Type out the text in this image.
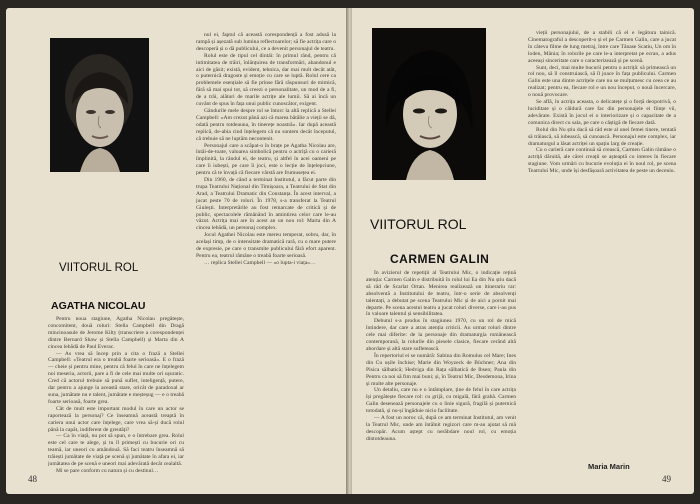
VIITORUL ROL
AGATHA NICOLAU

Pentru noua stagiune, Agatha Nicolau pregătește, concomitent, două roluri: Stella Campbell din Dragă mincinoasule de Jerome Kilty (transcriere a corespondenței dintre Bernard Shaw și Stella Campbell) și Marta din A cincea lebădă de Paul Everac.

— As vrea să încep prin a cita o frază a Stellei Campbell: «Teatrul era o treabă foarte serioasă». E o frază — cheie și pentru mine, pentru că felul în care ne înțelegem noi meseria, actorii, pare a fi de cele mai multe ori ușuratic. Cred că actorul trebuie să pună suflet, inteligență, putere, dar pentru a ajunge la această stare, oricât de paradoxal ar suna, jumătate nu e talent, jumătate e meșteșug — e o treabă foarte serioasă, foarte grea.

Cât de mult este important modul în care un actor se raportează la personaj? Ce înseamnă această treaptă în cariera unui actor care înțelege, care vrea să-și ducă rolul până la capăt, indiferent de greutăți?

— Ca în viață, nu pot să spun, e o întrebare grea. Rolul este cel care te alege, și tu îl primești cu bucurie ori cu teamă, iar uneori cu amândouă. Să faci teatru înseamnă să trăiești jumătate de viață pe scenă și jumătate în afara ei, iar jumătatea de pe scenă e uneori mai adevărată decât cealaltă.

Mi se pare conform cu natura și cu destinul…

nul ei, faptul că această corespondență a fost adusă la rampă și așezată sub lumina reflectoarelor; să fie actrița care o descoperă și o dă publicului, ce a devenit personajul de teatru.

Rolul este de tipul cel dintâi: în primul rând, pentru că intimitatea de trăiri, înlănțuirea de transformări, abandonul e aici de găsit; există, evident, tehnica, dar mai mult decât atât, o puternică dragoste și emoție cu care se luptă. Rolul cere ca problemele esențiale să fie prinse fără răspunsuri de mimică, fără să mai spui tot, să creezi o personalitate, un mod de a fi, de a trăi, alături de marile actrițe ale lumii. Să ai încă un cuvânt de spus în fața unui public cunoscător, exigent.

Gândurile mele despre rol se întorc la altă replică a Stellei Campbell: «Am crezut până azi că marea bătălie a vieții se dă, odată pentru totdeauna, în tinerețe noastră». Iar după această replică, de-abia cind înțelegem că nu suntem decât începutul, că trebuie să ne luptăm necontenit.

Personajul care a scăpat-o în brațe pe Agatha Nicolau are, întâi-de-toate, valoarea simbolică pentru o actriță cu o carieră împlinită, la rândul ei, de teatru, și altfel în acei oameni pe care îi iubești, pe care îi joci, este o lecție de înțelepciune, pentru că te învață că fiecare vârstă are frumusețea ei.

Din 1960, de când a terminat Institutul, a făcut parte din trupa Teatrului Național din Timișoara, a Teatrului de Stat din Arad, a Teatrului Dramatic din Constanța. În acest interval, a jucat peste 70 de roluri. În 1978, s-a transferat la Teatrul Giulești. Interpretările au fost remarcate de critică și de public, spectacolele rămânând în amintirea celor care le-au văzut. Actrița mai are în acest an un nou rol: Marta din A cincea lebădă, un personaj complex.

Jocul Agathei Nicolau este mereu temperat, sobru, dar, în același timp, de o intensitate dramatică rară, cu o mare putere de expresie, pe care o transmite publicului fără efort aparent. Pentru ea, teatrul rămâne o treabă foarte serioasă.

… replica Stellei Campbell — «o lupta-i viața»…

48
VIITORUL ROL
CARMEN GALIN

În avizierul de repetiții al Teatrului Mic, o indicație rețină atenția: Carmen Galin e distribuită în rolul lui Ea din Nu știu dacă să râd de Scarlat Ortan. Menirea realizează un itinerariu rar: absolventă a Institutului de teatru, într-o serie de absolvenți talentați, a debutat pe scena Teatrului Mic și de aici a pornit mai departe. Pe scena acestui teatru a jucat roluri diverse, care i-au pus în valoare talentul și sensibilitatea.

Debutul s-a produs în stagiunea 1970, cu un rol de mică întindere, dar care a atras atenția criticii. Au urmat roluri dintre cele mai diferite: de la personaje din dramaturgia românească contemporană, la rolurile din piesele clasice, fiecare cerând altă abordare și altă stare sufletească.

În repertoriul ei se numără: Sabina din Romulus cel Mare; Ines din Cu ușile închise; Marie din Woyzeck de Büchner; Ana din Pisica sălbatică; Hedviga din Rața sălbatică de Ibsen; Paula din Pentru ca noi să fim mai buni; și, în Teatrul Mic, Desdemona, Irina și multe alte personaje.

Un detaliu, care nu e o întâmplare, ține de felul în care actrița își pregătește fiecare rol: cu grijă, cu migală, fără grabă. Carmen Galin desenează personajele cu o linie sigură, fragilă și puternică totodată, și nu-și îngăduie nicio facilitate.

— A fost un noroc că, după ce am terminat Institutul, am venit la Teatrul Mic, unde am întâlnit regizori care m-au ajutat să mă descopăr. Acum aștept cu nerăbdare noul rol, cu emoția dintotdeauna.

vieții personajului, de a stabili că el e legătura tainică. Cinematograful a descoperit-o și el pe Carmen Galin, care a jucat în câteva filme de lung metraj, între care Tănase Scatiu, Un om în loden, Mânia; în rolurile pe care le-a interpretat pe ecran, a adus aceeași sinceritate care o caracterizează și pe scenă.

Sunt, deci, mai multe bucurii pentru o actriță: să primească un rol nou, să îl construiască, să îl joace în fața publicului. Carmen Galin este una dintre actrițele care nu se mulțumesc cu ceea ce au realizat; pentru ea, fiecare rol e un nou început, o nouă încercare, o nouă provocare.

Se află, în actrița aceasta, o delicatețe și o forță deopotrivă, o luciditate și o căldură care fac din personajele ei ființe vii, adevărate. Există în jocul ei o interiorizare și o capacitate de a comunica direct cu sala, pe care o câștigă de fiecare dată.

Rolul din Nu știu dacă să râd este al unei femei tinere, tentată să trăiască, să iubească, să cunoască. Personajul este complex, iar dramaturgul a lăsat actriței un spațiu larg de creație.

Cu o carieră care continuă să crească, Carmen Galin rămâne o actriță dăruită, ale cărei creații se așteaptă cu interes în fiecare stagiune. Vom urmări cu bucurie evoluția ei în noul rol, pe scena Teatrului Mic, unde își desfășoară activitatea de peste un deceniu.

Maria Marin
49
